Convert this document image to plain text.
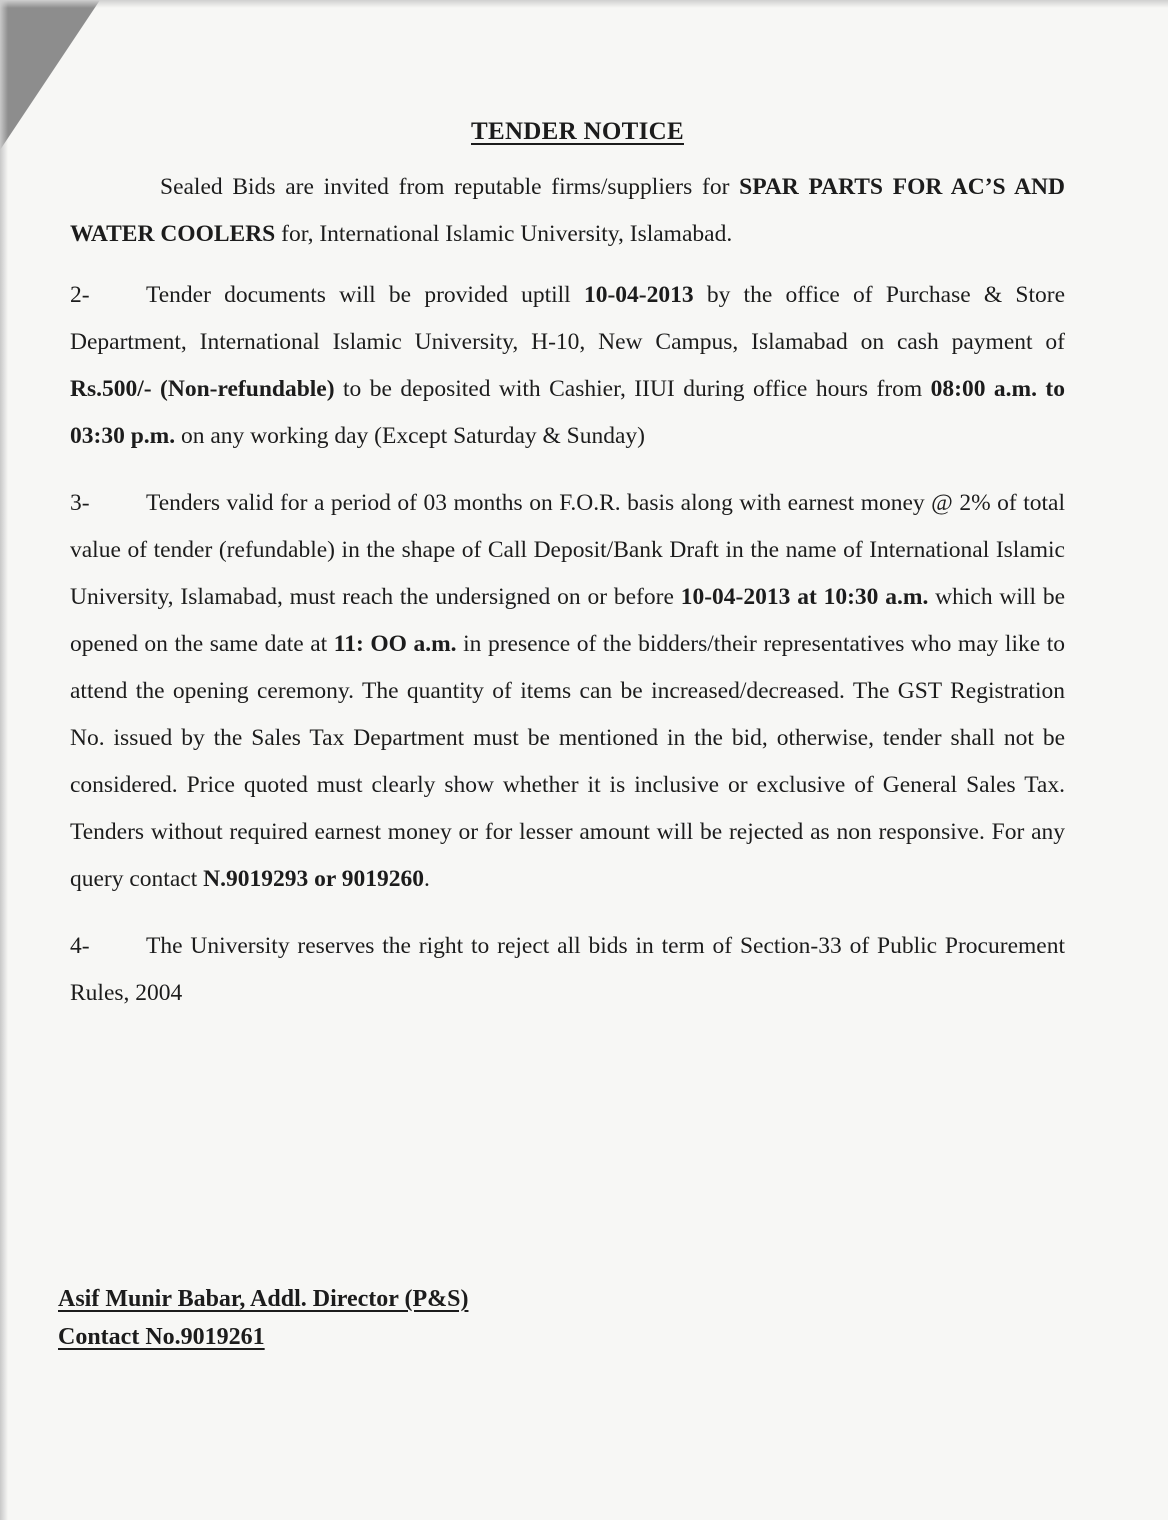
TENDER NOTICE

Sealed Bids are invited from reputable firms/suppliers for SPAR PARTS FOR AC’S AND WATER COOLERS for, International Islamic University, Islamabad.

2- Tender documents will be provided uptill 10-04-2013 by the office of Purchase & Store Department, International Islamic University, H-10, New Campus, Islamabad on cash payment of Rs.500/- (Non-refundable) to be deposited with Cashier, IIUI during office hours from 08:00 a.m. to 03:30 p.m. on any working day (Except Saturday & Sunday)

3- Tenders valid for a period of 03 months on F.O.R. basis along with earnest money @ 2% of total value of tender (refundable) in the shape of Call Deposit/Bank Draft in the name of International Islamic University, Islamabad, must reach the undersigned on or before 10-04-2013 at 10:30 a.m. which will be opened on the same date at 11: OO a.m. in presence of the bidders/their representatives who may like to attend the opening ceremony. The quantity of items can be increased/decreased. The GST Registration No. issued by the Sales Tax Department must be mentioned in the bid, otherwise, tender shall not be considered. Price quoted must clearly show whether it is inclusive or exclusive of General Sales Tax. Tenders without required earnest money or for lesser amount will be rejected as non responsive. For any query contact N.9019293 or 9019260.

4- The University reserves the right to reject all bids in term of Section-33 of Public Procurement Rules, 2004

Asif Munir Babar, Addl. Director (P&S)
Contact No.9019261
